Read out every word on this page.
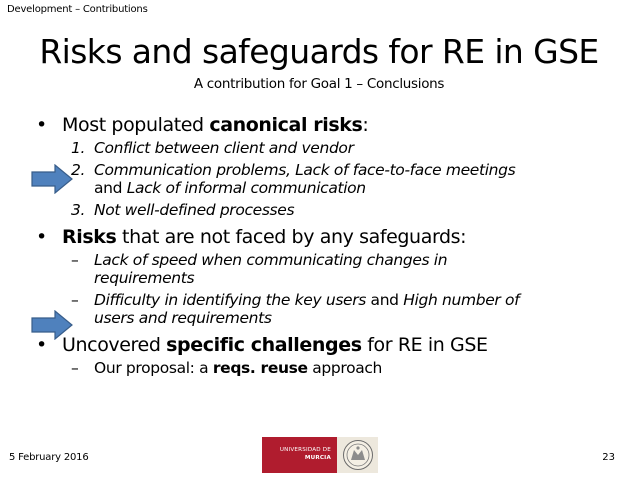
Development – Contributions
Risks and safeguards for RE in GSE
A contribution for Goal 1 – Conclusions
• Most populated canonical risks:
1. Conflict between client and vendor
2. Communication problems, Lack of face-to-face meetings
and Lack of informal communication
3. Not well-defined processes
• Risks that are not faced by any safeguards:
– Lack of speed when communicating changes in
requirements
– Difficulty in identifying the key users and High number of
users and requirements
• Uncovered specific challenges for RE in GSE
– Our proposal: a reqs. reuse approach
5 February 2016
UNIVERSIDAD DE
MURCIA	23
